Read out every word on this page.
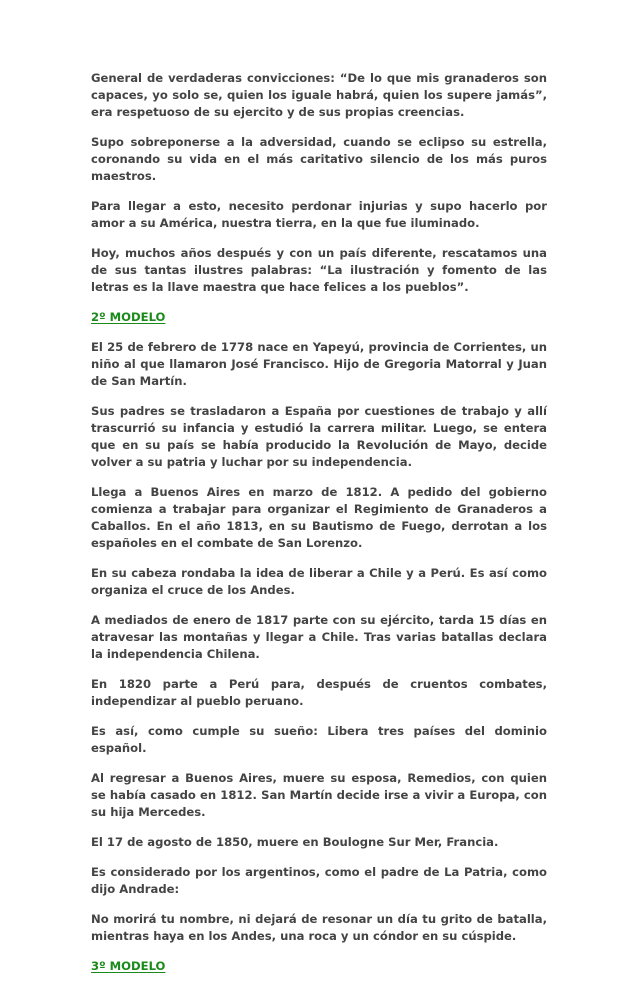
General de verdaderas convicciones: “De lo que mis granaderos son capaces, yo solo se, quien los iguale habrá, quien los supere jamás”, era respetuoso de su ejercito y de sus propias creencias.

Supo sobreponerse a la adversidad, cuando se eclipso su estrella, coronando su vida en el más caritativo silencio de los más puros maestros.

Para llegar a esto, necesito perdonar injurias y supo hacerlo por amor a su América, nuestra tierra, en la que fue iluminado.

Hoy, muchos años después y con un país diferente, rescatamos una de sus tantas ilustres palabras: “La ilustración y fomento de las letras es la llave maestra que hace felices a los pueblos”.

2º MODELO

El 25 de febrero de 1778 nace en Yapeyú, provincia de Corrientes, un niño al que llamaron José Francisco. Hijo de Gregoria Matorral y Juan de San Martín.

Sus padres se trasladaron a España por cuestiones de trabajo y allí trascurrió su infancia y estudió la carrera militar. Luego, se entera que en su país se había producido la Revolución de Mayo, decide volver a su patria y luchar por su independencia.

Llega a Buenos Aires en marzo de 1812. A pedido del gobierno comienza a trabajar para organizar el Regimiento de Granaderos a Caballos. En el año 1813, en su Bautismo de Fuego, derrotan a los españoles en el combate de San Lorenzo.

En su cabeza rondaba la idea de liberar a Chile y a Perú. Es así como organiza el cruce de los Andes.

A mediados de enero de 1817 parte con su ejército, tarda 15 días en atravesar las montañas y llegar a Chile. Tras varias batallas declara la independencia Chilena.

En 1820 parte a Perú para, después de cruentos combates, independizar al pueblo peruano.

Es así, como cumple su sueño: Libera tres países del dominio español.

Al regresar a Buenos Aires, muere su esposa, Remedios, con quien se había casado en 1812. San Martín decide irse a vivir a Europa, con su hija Mercedes.

El 17 de agosto de 1850, muere en Boulogne Sur Mer, Francia.

Es considerado por los argentinos, como el padre de La Patria, como dijo Andrade:

No morirá tu nombre, ni dejará de resonar un día tu grito de batalla, mientras haya en los Andes, una roca y un cóndor en su cúspide.

3º MODELO
